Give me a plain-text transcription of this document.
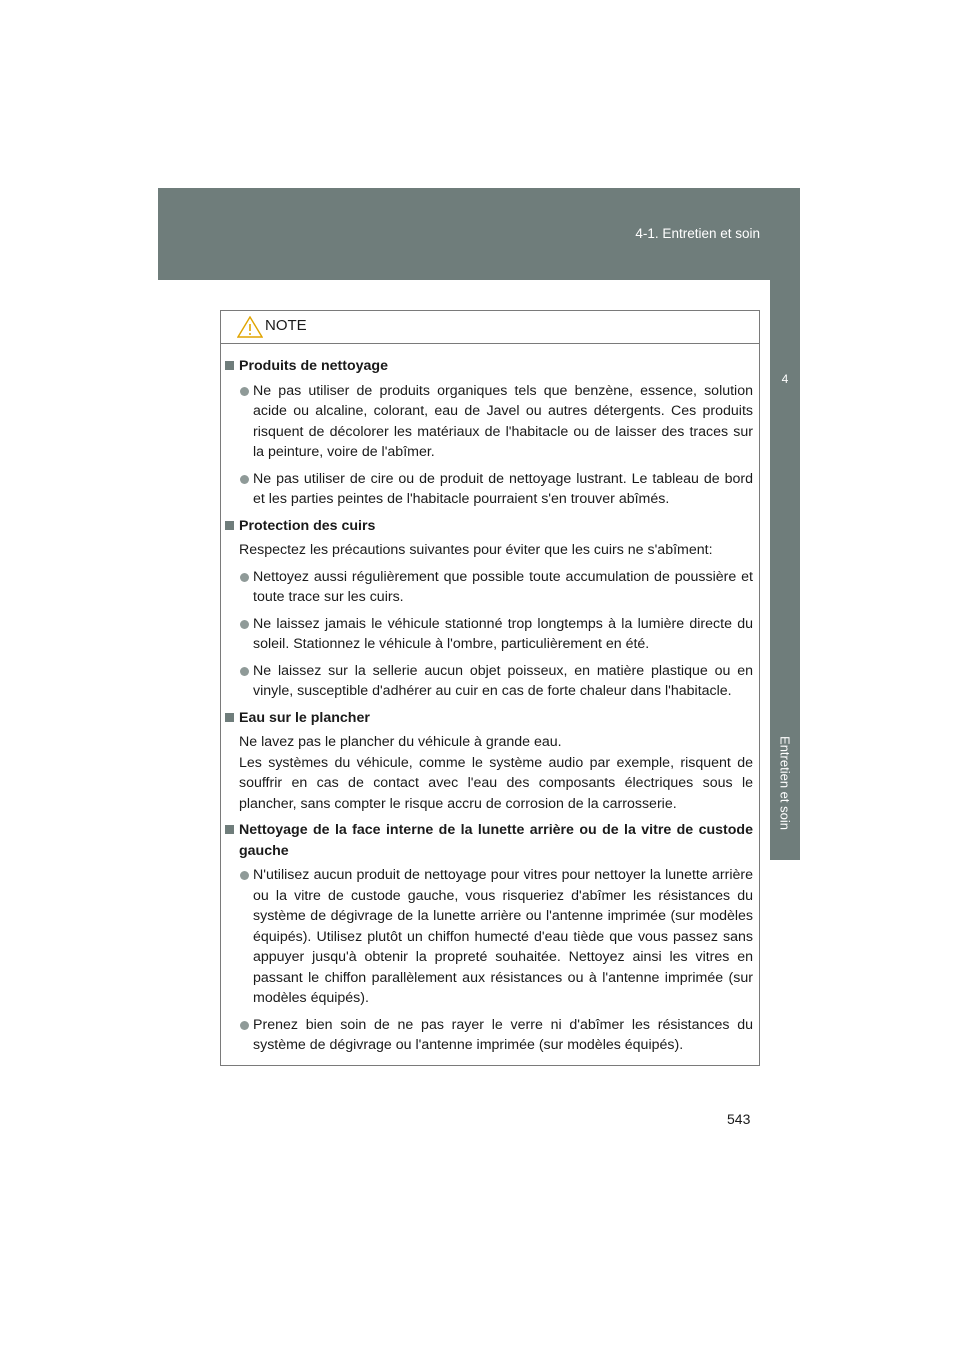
4-1. Entretien et soin
4
Entretien et soin
NOTE
Produits de nettoyage
Ne pas utiliser de produits organiques tels que benzène, essence, solution acide ou alcaline, colorant, eau de Javel ou autres détergents. Ces produits risquent de décolorer les matériaux de l'habitacle ou de laisser des traces sur la peinture, voire de l'abîmer.
Ne pas utiliser de cire ou de produit de nettoyage lustrant. Le tableau de bord et les parties peintes de l'habitacle pourraient s'en trouver abîmés.
Protection des cuirs
Respectez les précautions suivantes pour éviter que les cuirs ne s'abîment:
Nettoyez aussi régulièrement que possible toute accumulation de poussière et toute trace sur les cuirs.
Ne laissez jamais le véhicule stationné trop longtemps à la lumière directe du soleil. Stationnez le véhicule à l'ombre, particulièrement en été.
Ne laissez sur la sellerie aucun objet poisseux, en matière plastique ou en vinyle, susceptible d'adhérer au cuir en cas de forte chaleur dans l'habitacle.
Eau sur le plancher
Ne lavez pas le plancher du véhicule à grande eau.
Les systèmes du véhicule, comme le système audio par exemple, risquent de souffrir en cas de contact avec l'eau des composants électriques sous le plancher, sans compter le risque accru de corrosion de la carrosserie.
Nettoyage de la face interne de la lunette arrière ou de la vitre de custode gauche
N'utilisez aucun produit de nettoyage pour vitres pour nettoyer la lunette arrière ou la vitre de custode gauche, vous risqueriez d'abîmer les résistances du système de dégivrage de la lunette arrière ou l'antenne imprimée (sur modèles équipés). Utilisez plutôt un chiffon humecté d'eau tiède que vous passez sans appuyer jusqu'à obtenir la propreté souhaitée. Nettoyez ainsi les vitres en passant le chiffon parallèlement aux résistances ou à l'antenne imprimée (sur modèles équipés).
Prenez bien soin de ne pas rayer le verre ni d'abîmer les résistances du système de dégivrage ou l'antenne imprimée (sur modèles équipés).
543
